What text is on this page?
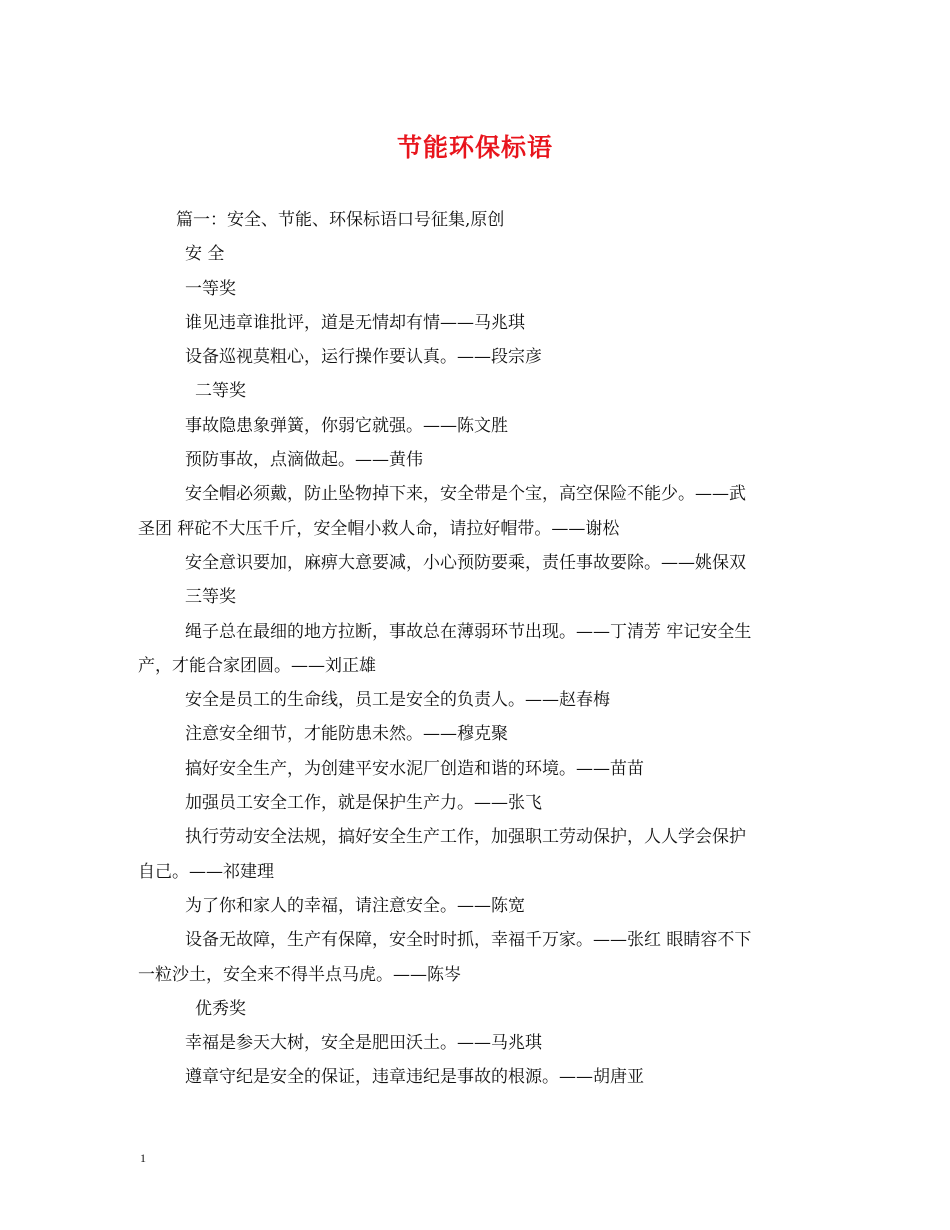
节能环保标语
篇一：安全、节能、环保标语口号征集,原创
安 全
一等奖
谁见违章谁批评，道是无情却有情——马兆琪
设备巡视莫粗心，运行操作要认真。——段宗彦
二等奖
事故隐患象弹簧，你弱它就强。——陈文胜
预防事故，点滴做起。——黄伟
安全帽必须戴，防止坠物掉下来，安全带是个宝，高空保险不能少。——武
圣团 秤砣不大压千斤，安全帽小救人命，请拉好帽带。——谢松
安全意识要加，麻痹大意要减，小心预防要乘，责任事故要除。——姚保双
三等奖
绳子总在最细的地方拉断，事故总在薄弱环节出现。——丁清芳 牢记安全生
产，才能合家团圆。——刘正雄
安全是员工的生命线，员工是安全的负责人。——赵春梅
注意安全细节，才能防患未然。——穆克聚
搞好安全生产，为创建平安水泥厂创造和谐的环境。——苗苗
加强员工安全工作，就是保护生产力。——张飞
执行劳动安全法规，搞好安全生产工作，加强职工劳动保护，人人学会保护
自己。——祁建理
为了你和家人的幸福，请注意安全。——陈宽
设备无故障，生产有保障，安全时时抓，幸福千万家。——张红 眼睛容不下
一粒沙土，安全来不得半点马虎。——陈岑
优秀奖
幸福是参天大树，安全是肥田沃土。——马兆琪
遵章守纪是安全的保证，违章违纪是事故的根源。——胡唐亚
1
